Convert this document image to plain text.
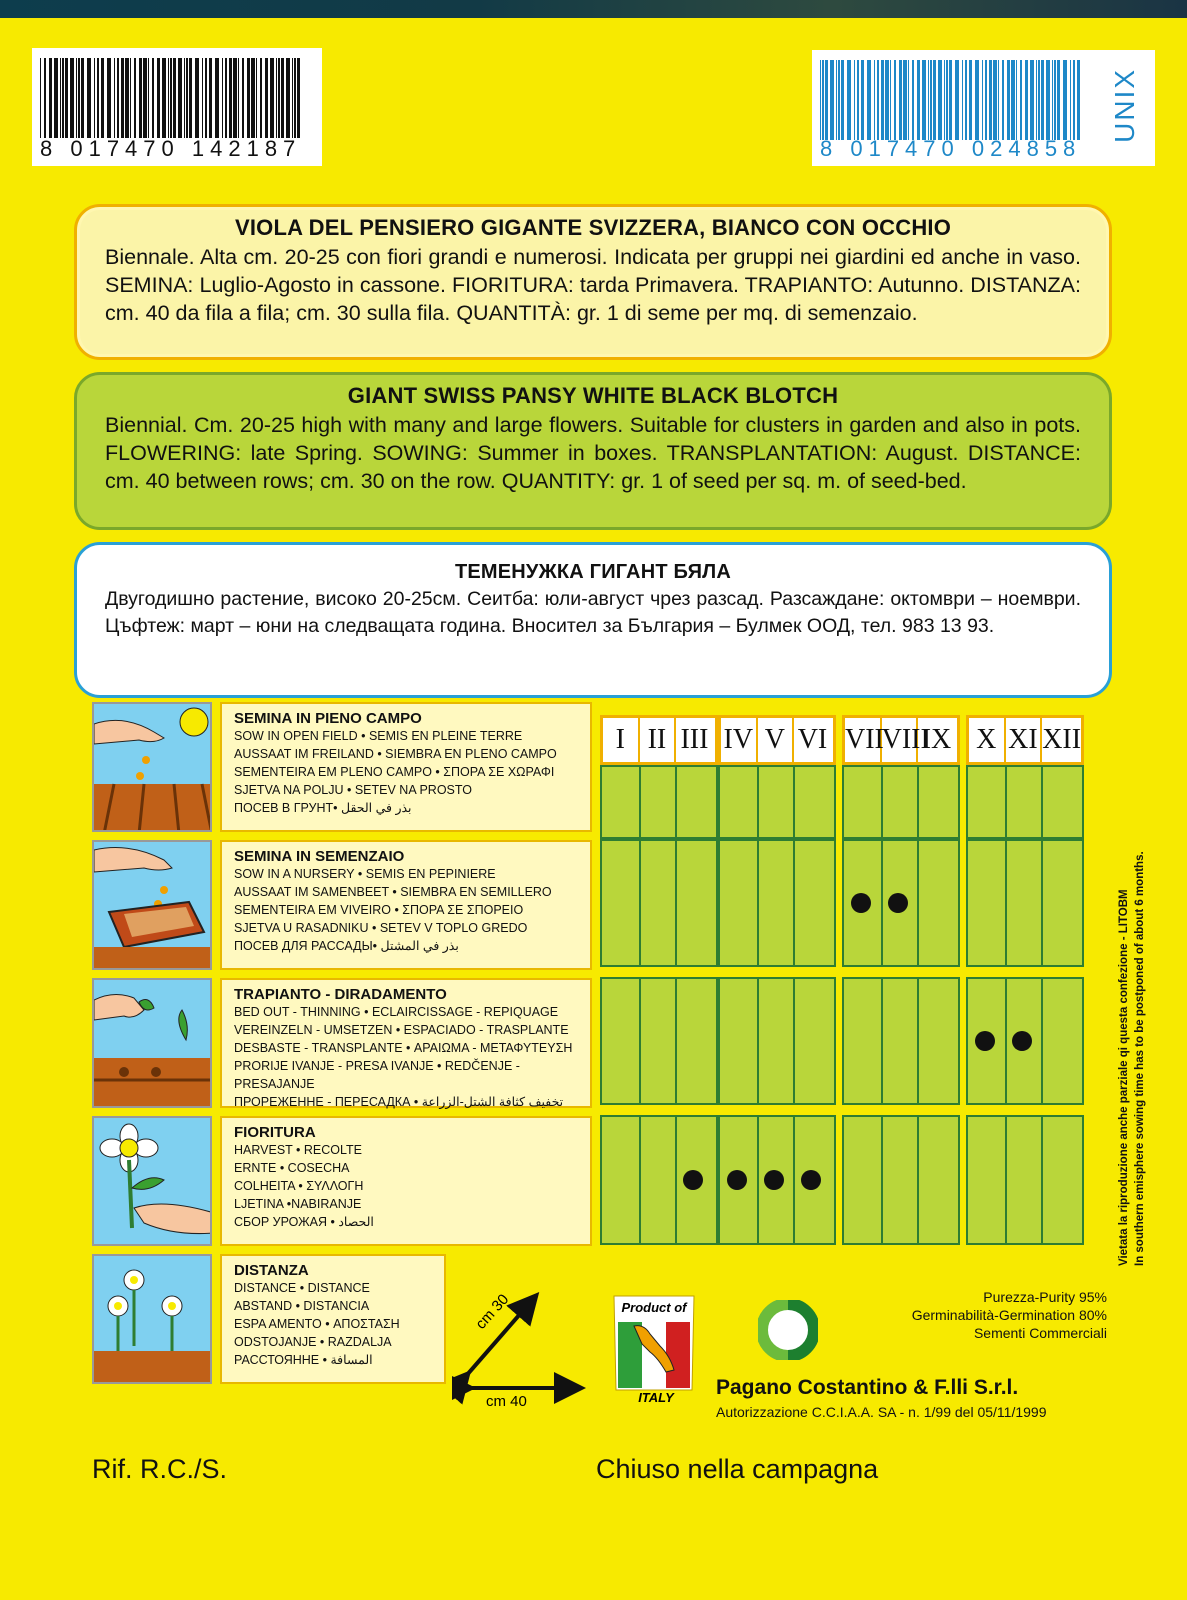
8 017470 142187	8 017470 024858
UNIX
VIOLA DEL PENSIERO GIGANTE SVIZZERA, BIANCO CON OCCHIO

Biennale. Alta cm. 20-25 con fiori grandi e numerosi. Indicata per gruppi nei giardini ed anche in vaso. SEMINA: Luglio-Agosto in cassone. FIORITURA: tarda Primavera. TRAPIANTO: Autunno. DISTANZA: cm. 40 da fila a fila; cm. 30 sulla fila. QUANTITÀ: gr. 1 di seme per mq. di semenzaio.

GIANT SWISS PANSY WHITE BLACK BLOTCH

Biennial. Cm. 20-25 high with many and large flowers. Suitable for clusters in garden and also in pots. FLOWERING: late Spring. SOWING: Summer in boxes. TRANSPLANTATION: August. DISTANCE: cm. 40 between rows; cm. 30 on the row. QUANTITY: gr. 1 of seed per sq. m. of seed-bed.

ТЕМЕНУЖКА ГИГАНТ БЯЛА

Двугодишно растение, високо 20-25см. Сеитба: юли-август чрез разсад. Разсаждане: октомври – ноември. Цъфтеж: март – юни на следващата година. Вносител за България – Булмек ООД, тел. 983 13 93.

SEMINA IN PIENO CAMPO
SOW IN OPEN FIELD • SEMIS EN PLEINE TERRE
AUSSAAT IM FREILAND • SIEMBRA EN PLENO CAMPO
SEMENTEIRA EM PLENO CAMPO • ΣΠΟΡΑ ΣΕ ΧΩΡΑΦΙ
SJETVA NA POLJU • SETEV NA PROSTO
ПОСЕВ В ГРУНТ• بذر في الحقل
SEMINA IN SEMENZAIO
SOW IN A NURSERY • SEMIS EN PEPINIERE
AUSSAAT IM SAMENBEET • SIEMBRA EN SEMILLERO
SEMENTEIRA EM VIVEIRO • ΣΠΟΡΑ ΣΕ ΣΠΟΡΕΙΟ
SJETVA U RASADNIKU • SETEV V TOPLO GREDO
ПОСЕВ ДЛЯ РАССАДЫ• بذر في المشتل
TRAPIANTO - DIRADAMENTO
BED OUT - THINNING • ECLAIRCISSAGE - REPIQUAGE
VEREINZELN - UMSETZEN • ESPACIADO - TRASPLANTE
DESBASTE - TRANSPLANTE • ΑΡΑΙΩΜΑ - ΜΕΤΑΦΥΤΕΥΣΗ
PRORIJE IVANJE - PRESA IVANJE • REDČENJE - PRESAJANJE
ПРОРЕЖЕННЕ - ПЕРЕСАДКА • تخفيف كثافة الشتل-الزراعة
FIORITURA
HARVEST • RECOLTE
ERNTE • COSECHA
COLHEITA • ΣΥΛΛΟΓΗ
LJETINA •NABIRANJE
СБОР УРОЖАЯ • الحصاد
DISTANZA
DISTANCE • DISTANCE
ABSTAND • DISTANCIA
ESPA AMENTO • ΑΠΟΣΤΑΣΗ
ODSTOJANJE • RAZDALJA
РАССТОЯННЕ • المسافة
cm 30
cm 40
I II III IV V VI VII
VIII
IX X XI XII
Vietata la riproduzione anche parziale qi questa confezione - LITOBM In southern emisphere sowing time has to be postponed of about 6 months.
Product of
ITALY
Purezza-Purity 95%
Germinabilità-Germination 80%
Sementi Commerciali
Pagano Costantino & F.lli S.r.l.
Autorizzazione C.C.I.A.A. SA - n. 1/99 del 05/11/1999
Rif. R.C./S.	Chiuso nella campagna
